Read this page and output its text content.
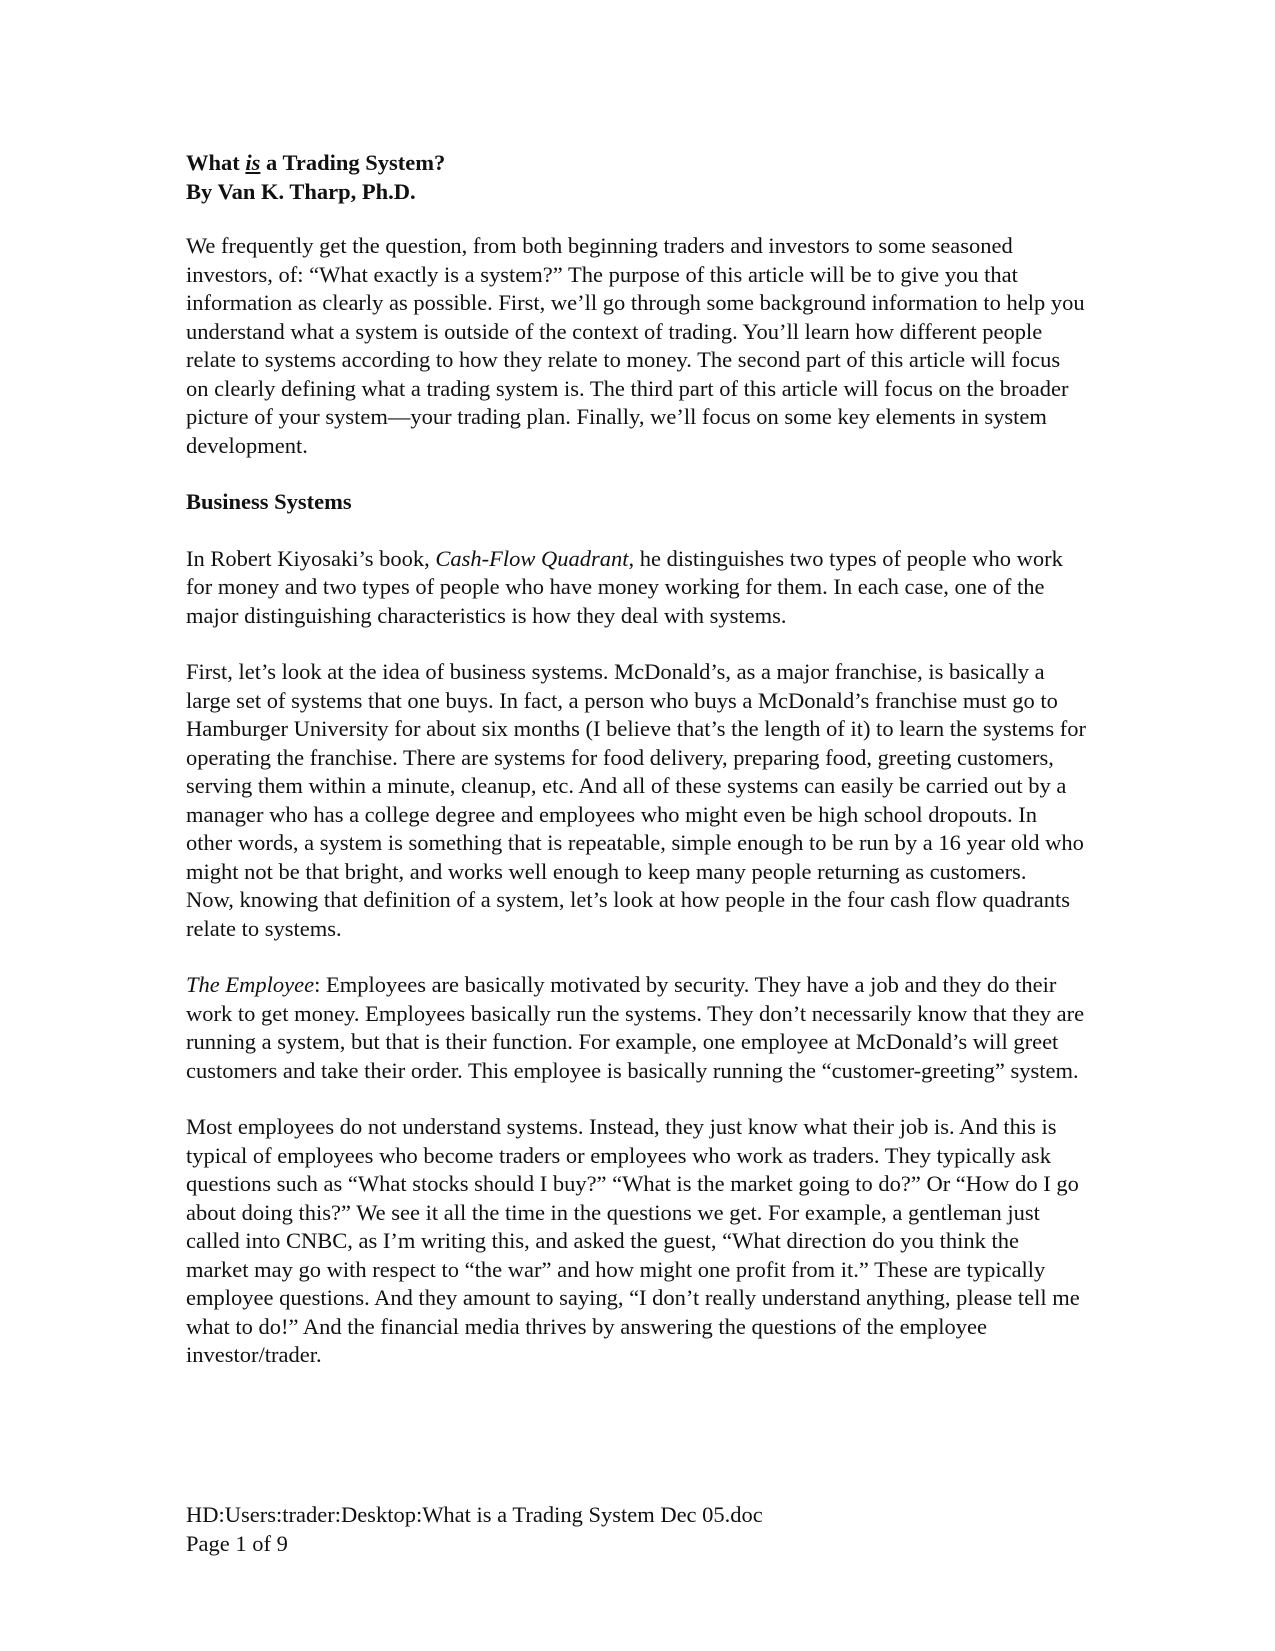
What is a Trading System?
By Van K. Tharp, Ph.D.

We frequently get the question, from both beginning traders and investors to some seasoned investors, of: “What exactly is a system?” The purpose of this article will be to give you that information as clearly as possible. First, we’ll go through some background information to help you understand what a system is outside of the context of trading. You’ll learn how different people relate to systems according to how they relate to money. The second part of this article will focus on clearly defining what a trading system is. The third part of this article will focus on the broader picture of your system—your trading plan. Finally, we’ll focus on some key elements in system development.

Business Systems

In Robert Kiyosaki’s book, Cash-Flow Quadrant, he distinguishes two types of people who work for money and two types of people who have money working for them. In each case, one of the major distinguishing characteristics is how they deal with systems.

First, let’s look at the idea of business systems. McDonald’s, as a major franchise, is basically a large set of systems that one buys. In fact, a person who buys a McDonald’s franchise must go to Hamburger University for about six months (I believe that’s the length of it) to learn the systems for operating the franchise. There are systems for food delivery, preparing food, greeting customers, serving them within a minute, cleanup, etc. And all of these systems can easily be carried out by a manager who has a college degree and employees who might even be high school dropouts. In other words, a system is something that is repeatable, simple enough to be run by a 16 year old who might not be that bright, and works well enough to keep many people returning as customers.

Now, knowing that definition of a system, let’s look at how people in the four cash flow quadrants relate to systems.

The Employee: Employees are basically motivated by security. They have a job and they do their work to get money. Employees basically run the systems. They don’t necessarily know that they are running a system, but that is their function. For example, one employee at McDonald’s will greet customers and take their order. This employee is basically running the “customer-greeting” system.

Most employees do not understand systems. Instead, they just know what their job is. And this is typical of employees who become traders or employees who work as traders. They typically ask questions such as “What stocks should I buy?” “What is the market going to do?” Or “How do I go about doing this?” We see it all the time in the questions we get. For example, a gentleman just called into CNBC, as I’m writing this, and asked the guest, “What direction do you think the market may go with respect to “the war” and how might one profit from it.” These are typically employee questions. And they amount to saying, “I don’t really understand anything, please tell me what to do!” And the financial media thrives by answering the questions of the employee investor/trader.

HD:Users:trader:Desktop:What is a Trading System Dec 05.doc
Page 1 of 9
